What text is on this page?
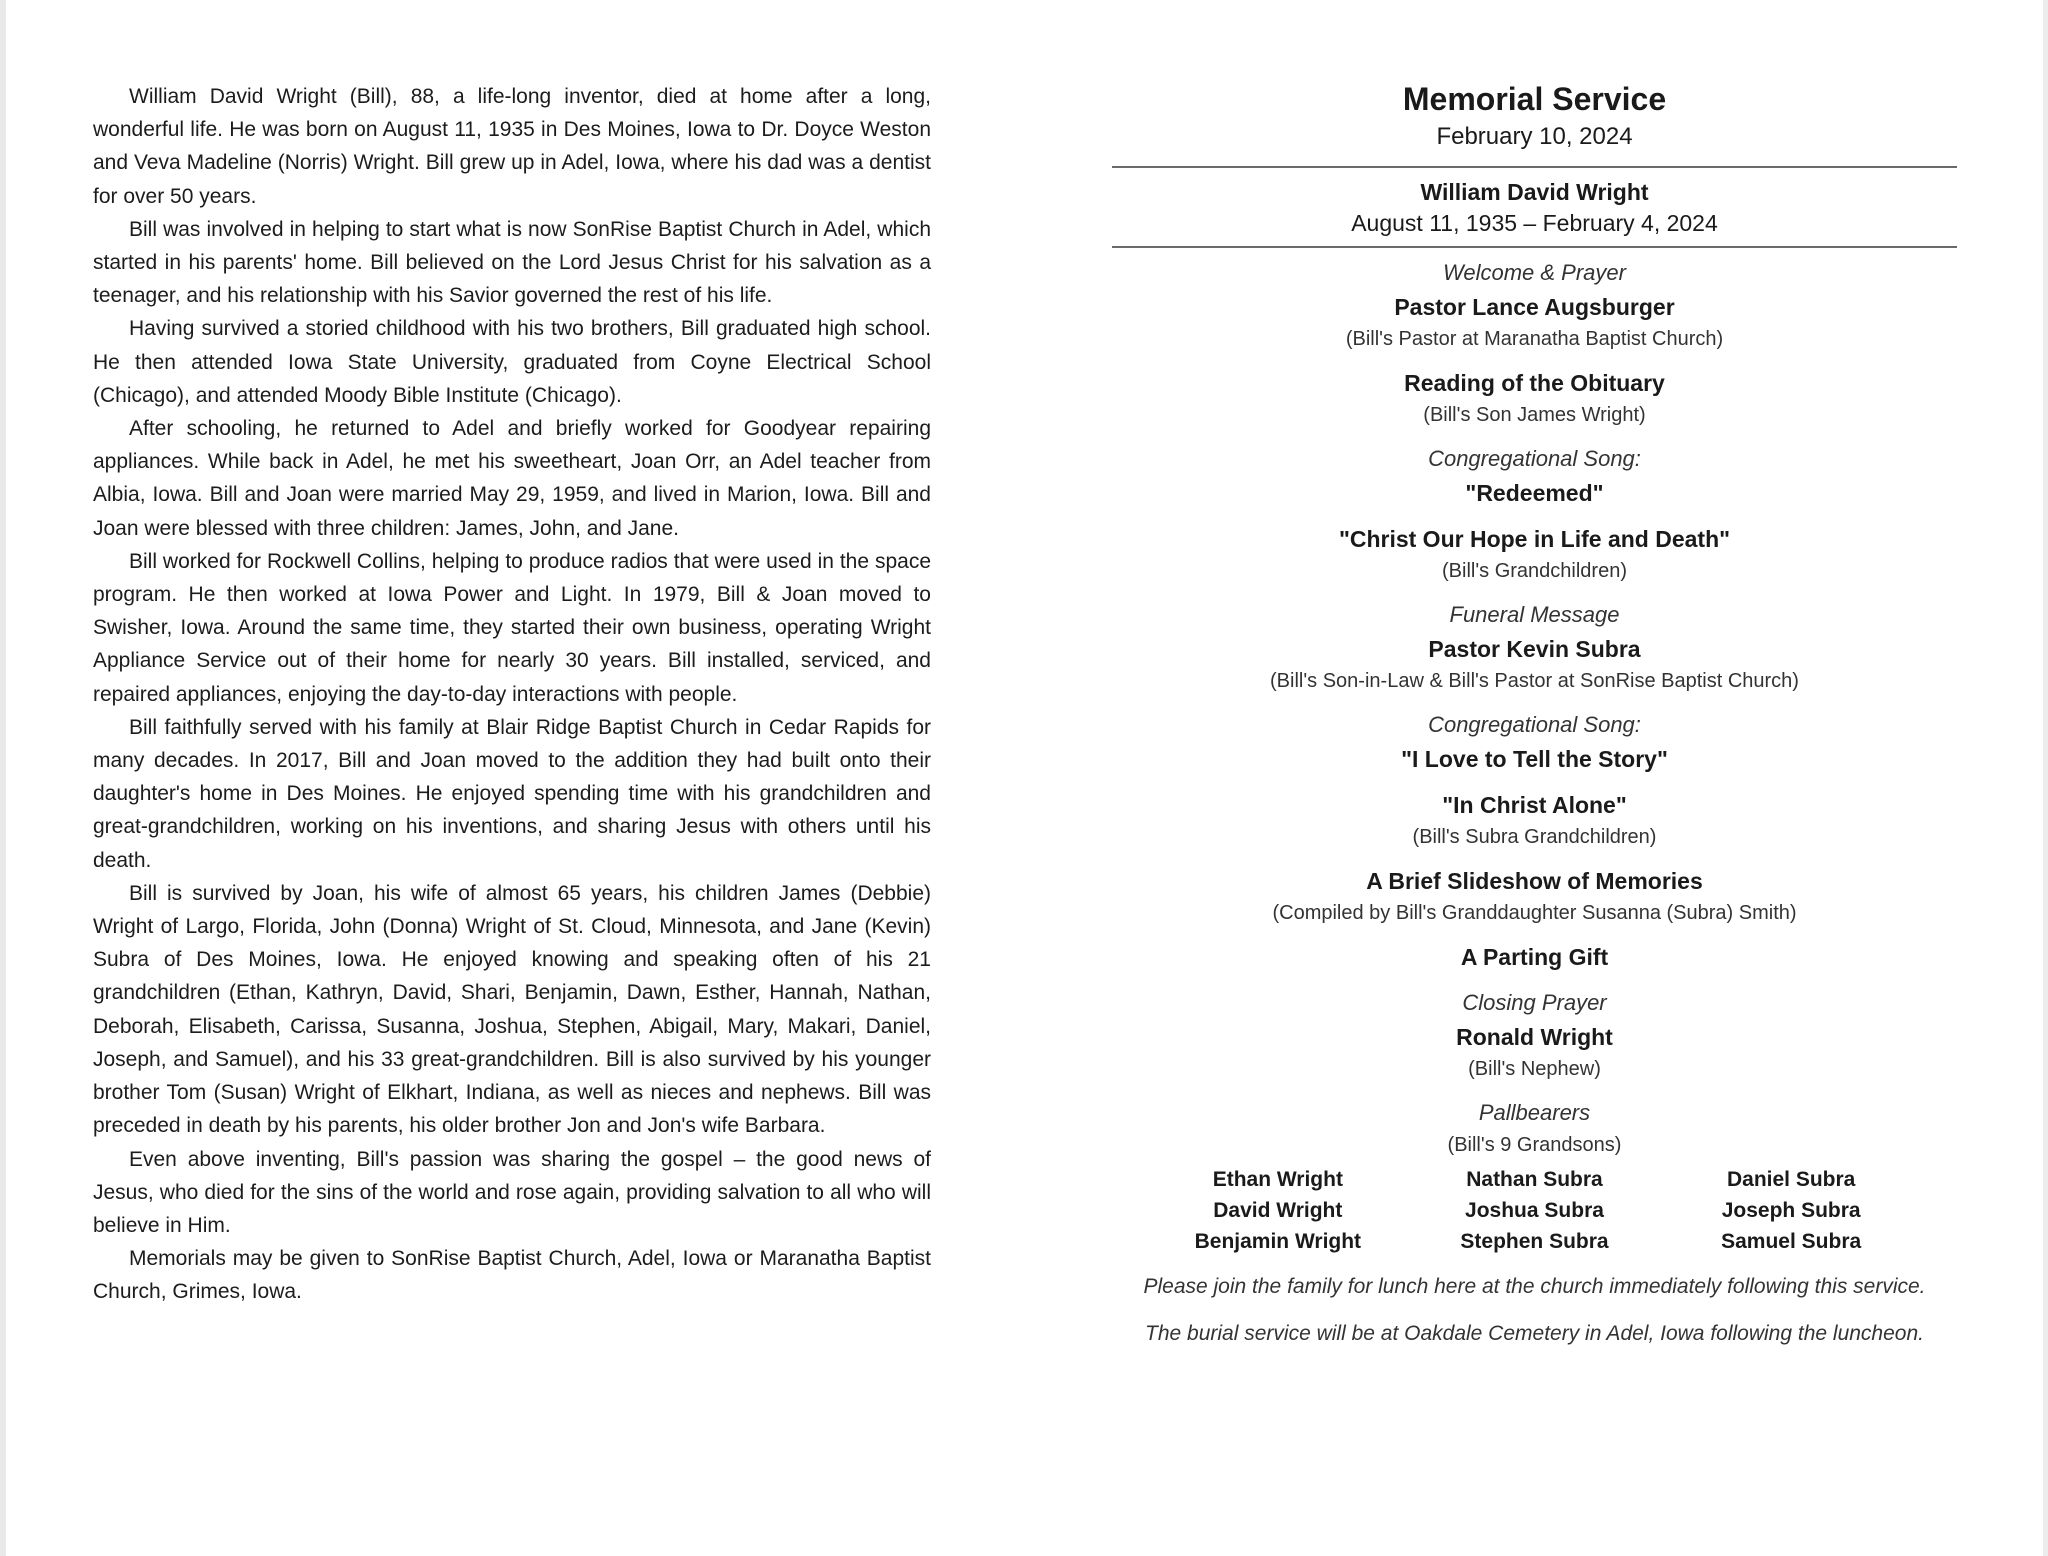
William David Wright (Bill), 88, a life-long inventor, died at home after a long, wonderful life. He was born on August 11, 1935 in Des Moines, Iowa to Dr. Doyce Weston and Veva Madeline (Norris) Wright. Bill grew up in Adel, Iowa, where his dad was a dentist for over 50 years.

Bill was involved in helping to start what is now SonRise Baptist Church in Adel, which started in his parents' home. Bill believed on the Lord Jesus Christ for his salvation as a teenager, and his relationship with his Savior governed the rest of his life.

Having survived a storied childhood with his two brothers, Bill graduated high school. He then attended Iowa State University, graduated from Coyne Electrical School (Chicago), and attended Moody Bible Institute (Chicago).

After schooling, he returned to Adel and briefly worked for Goodyear repairing appliances. While back in Adel, he met his sweetheart, Joan Orr, an Adel teacher from Albia, Iowa. Bill and Joan were married May 29, 1959, and lived in Marion, Iowa. Bill and Joan were blessed with three children: James, John, and Jane.

Bill worked for Rockwell Collins, helping to produce radios that were used in the space program. He then worked at Iowa Power and Light. In 1979, Bill & Joan moved to Swisher, Iowa. Around the same time, they started their own business, operating Wright Appliance Service out of their home for nearly 30 years. Bill installed, serviced, and repaired appliances, enjoying the day-to-day interactions with people.

Bill faithfully served with his family at Blair Ridge Baptist Church in Cedar Rapids for many decades. In 2017, Bill and Joan moved to the addition they had built onto their daughter's home in Des Moines. He enjoyed spending time with his grandchildren and great-grandchildren, working on his inventions, and sharing Jesus with others until his death.

Bill is survived by Joan, his wife of almost 65 years, his children James (Debbie) Wright of Largo, Florida, John (Donna) Wright of St. Cloud, Minnesota, and Jane (Kevin) Subra of Des Moines, Iowa. He enjoyed knowing and speaking often of his 21 grandchildren (Ethan, Kathryn, David, Shari, Benjamin, Dawn, Esther, Hannah, Nathan, Deborah, Elisabeth, Carissa, Susanna, Joshua, Stephen, Abigail, Mary, Makari, Daniel, Joseph, and Samuel), and his 33 great-grandchildren. Bill is also survived by his younger brother Tom (Susan) Wright of Elkhart, Indiana, as well as nieces and nephews. Bill was preceded in death by his parents, his older brother Jon and Jon's wife Barbara.

Even above inventing, Bill's passion was sharing the gospel – the good news of Jesus, who died for the sins of the world and rose again, providing salvation to all who will believe in Him.

Memorials may be given to SonRise Baptist Church, Adel, Iowa or Maranatha Baptist Church, Grimes, Iowa.

Memorial Service
February 10, 2024
William David Wright
August 11, 1935 – February 4, 2024
Welcome & Prayer
Pastor Lance Augsburger
(Bill's Pastor at Maranatha Baptist Church)
Reading of the Obituary
(Bill's Son James Wright)
Congregational Song:
"Redeemed"
"Christ Our Hope in Life and Death"
(Bill's Grandchildren)
Funeral Message
Pastor Kevin Subra
(Bill's Son-in-Law & Bill's Pastor at SonRise Baptist Church)
Congregational Song:
"I Love to Tell the Story"
"In Christ Alone"
(Bill's Subra Grandchildren)
A Brief Slideshow of Memories
(Compiled by Bill's Granddaughter Susanna (Subra) Smith)
A Parting Gift
Closing Prayer
Ronald Wright
(Bill's Nephew)
Pallbearers
(Bill's 9 Grandsons)
Ethan Wright
David Wright
Benjamin Wright
Nathan Subra
Joshua Subra
Stephen Subra
Daniel Subra
Joseph Subra
Samuel Subra
Please join the family for lunch here at the church immediately following this service.
The burial service will be at Oakdale Cemetery in Adel, Iowa following the luncheon.
